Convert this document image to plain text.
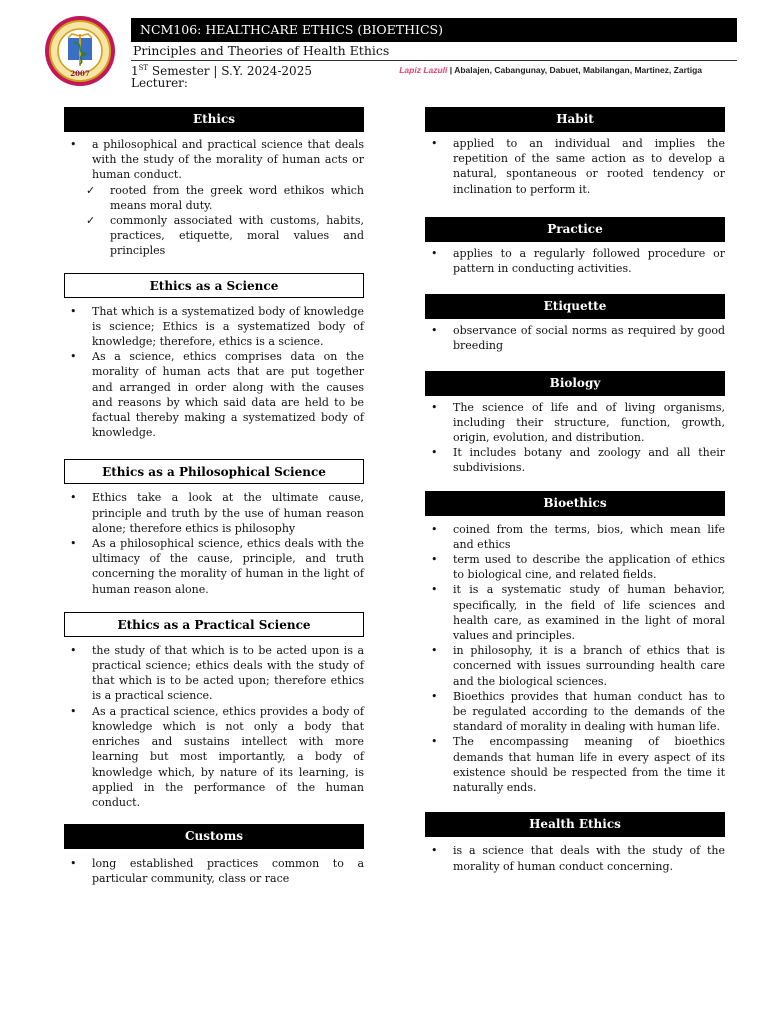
2007
NCM106: HEALTHCARE ETHICS (BIOETHICS)
Principles and Theories of Health Ethics
1ST Semester | S.Y. 2024-2025	Lapiz Lazuli | Abalajen, Cabangunay, Dabuet, Mabilangan, Martinez, Zartiga
Lecturer:
Ethics
• a philosophical and practical science that deals with the study of the morality of human acts or human conduct.
✓ rooted from the greek word ethikos which means moral duty.
✓ commonly associated with customs, habits, practices, etiquette, moral values and principles
Ethics as a Science
• That which is a systematized body of knowledge is science; Ethics is a systematized body of knowledge; therefore, ethics is a science.
• As a science, ethics comprises data on the morality of human acts that are put together and arranged in order along with the causes and reasons by which said data are held to be factual thereby making a systematized body of knowledge.
Ethics as a Philosophical Science
• Ethics take a look at the ultimate cause, principle and truth by the use of human reason alone; therefore ethics is philosophy
• As a philosophical science, ethics deals with the ultimacy of the cause, principle, and truth concerning the morality of human in the light of human reason alone.
Ethics as a Practical Science
• the study of that which is to be acted upon is a practical science; ethics deals with the study of that which is to be acted upon; therefore ethics is a practical science.
• As a practical science, ethics provides a body of knowledge which is not only a body that enriches and sustains intellect with more learning but most importantly, a body of knowledge which, by nature of its learning, is applied in the performance of the human conduct.
Customs
• long established practices common to a particular community, class or race
Habit
• applied to an individual and implies the repetition of the same action as to develop a natural, spontaneous or rooted tendency or inclination to perform it.
Practice
• applies to a regularly followed procedure or pattern in conducting activities.
Etiquette
• observance of social norms as required by good breeding
Biology
• The science of life and of living organisms, including their structure, function, growth, origin, evolution, and distribution.
• It includes botany and zoology and all their subdivisions.
Bioethics
• coined from the terms, bios, which mean life and ethics
• term used to describe the application of ethics to biological cine, and related fields.
• it is a systematic study of human behavior, specifically, in the field of life sciences and health care, as examined in the light of moral values and principles.
• in philosophy, it is a branch of ethics that is concerned with issues surrounding health care and the biological sciences.
• Bioethics provides that human conduct has to be regulated according to the demands of the standard of morality in dealing with human life.
• The encompassing meaning of bioethics demands that human life in every aspect of its existence should be respected from the time it naturally ends.
Health Ethics
• is a science that deals with the study of the morality of human conduct concerning.
